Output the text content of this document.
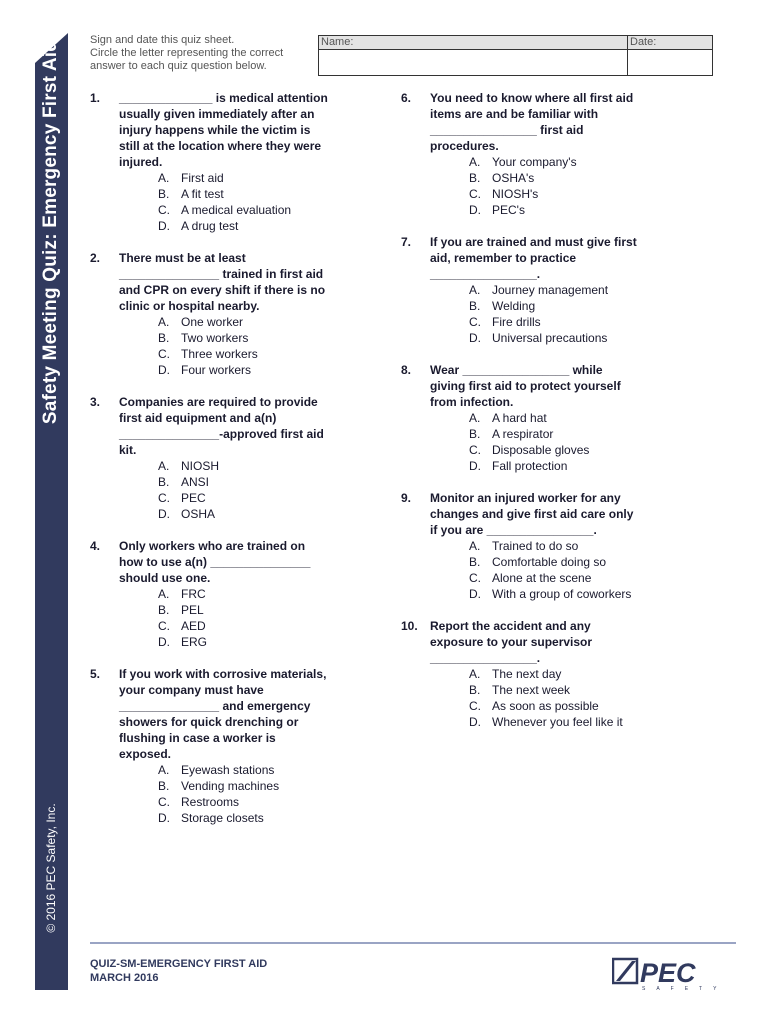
Safety Meeting Quiz: Emergency First Aid
© 2016 PEC Safety, Inc.
Sign and date this quiz sheet.
Circle the letter representing the correct
answer to each quiz question below.
Name:	Date:
1.	______________ is medical attention usually given immediately after an injury happens while the victim is still at the location where they were injured.
A. First aid
B. A fit test
C. A medical evaluation
D. A drug test
2.	There must be at least _______________ trained in first aid and CPR on every shift if there is no clinic or hospital nearby.
A. One worker
B. Two workers
C. Three workers
D. Four workers
3.	Companies are required to provide first aid equipment and a(n) _______________-approved first aid kit.
A. NIOSH
B. ANSI
C. PEC
D. OSHA
4.	Only workers who are trained on how to use a(n) _______________ should use one.
A. FRC
B. PEL
C. AED
D. ERG
5.	If you work with corrosive materials, your company must have _______________ and emergency showers for quick drenching or flushing in case a worker is exposed.
A. Eyewash stations
B. Vending machines
C. Restrooms
D. Storage closets
6.	You need to know where all first aid items are and be familiar with ________________ first aid procedures.
A. Your company's
B. OSHA's
C. NIOSH's
D. PEC's
7.	If you are trained and must give first aid, remember to practice ________________.
A. Journey management
B. Welding
C. Fire drills
D. Universal precautions
8.	Wear ________________ while giving first aid to protect yourself from infection.
A. A hard hat
B. A respirator
C. Disposable gloves
D. Fall protection
9.	Monitor an injured worker for any changes and give first aid care only if you are ________________.
A. Trained to do so
B. Comfortable doing so
C. Alone at the scene
D. With a group of coworkers
10.	Report the accident and any exposure to your supervisor ________________.
A. The next day
B. The next week
C. As soon as possible
D. Whenever you feel like it
QUIZ-SM-EMERGENCY FIRST AID
MARCH 2016	PEC
SAFETY
